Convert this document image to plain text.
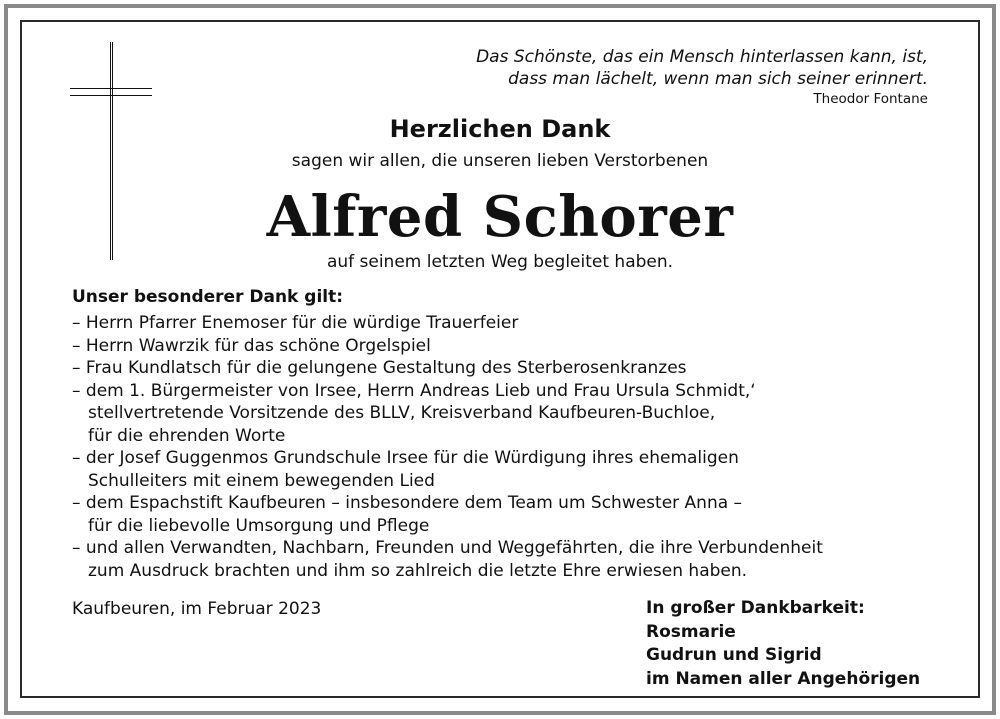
Das Schönste, das ein Mensch hinterlassen kann, ist,
dass man lächelt, wenn man sich seiner erinnert.
Theodor Fontane
Herzlichen Dank
sagen wir allen, die unseren lieben Verstorbenen
Alfred Schorer
auf seinem letzten Weg begleitet haben.
Unser besonderer Dank gilt:
– Herrn Pfarrer Enemoser für die würdige Trauerfeier
– Herrn Wawrzik für das schöne Orgelspiel
– Frau Kundlatsch für die gelungene Gestaltung des Sterberosenkranzes
– dem 1. Bürgermeister von Irsee, Herrn Andreas Lieb und Frau Ursula Schmidt,‘
stellvertretende Vorsitzende des BLLV, Kreisverband Kaufbeuren-Buchloe,
für die ehrenden Worte
– der Josef Guggenmos Grundschule Irsee für die Würdigung ihres ehemaligen
Schulleiters mit einem bewegenden Lied
– dem Espachstift Kaufbeuren – insbesondere dem Team um Schwester Anna –
für die liebevolle Umsorgung und Pflege
– und allen Verwandten, Nachbarn, Freunden und Weggefährten, die ihre Verbundenheit
zum Ausdruck brachten und ihm so zahlreich die letzte Ehre erwiesen haben.
Kaufbeuren, im Februar 2023	In großer Dankbarkeit:
Rosmarie
Gudrun und Sigrid
im Namen aller Angehörigen
